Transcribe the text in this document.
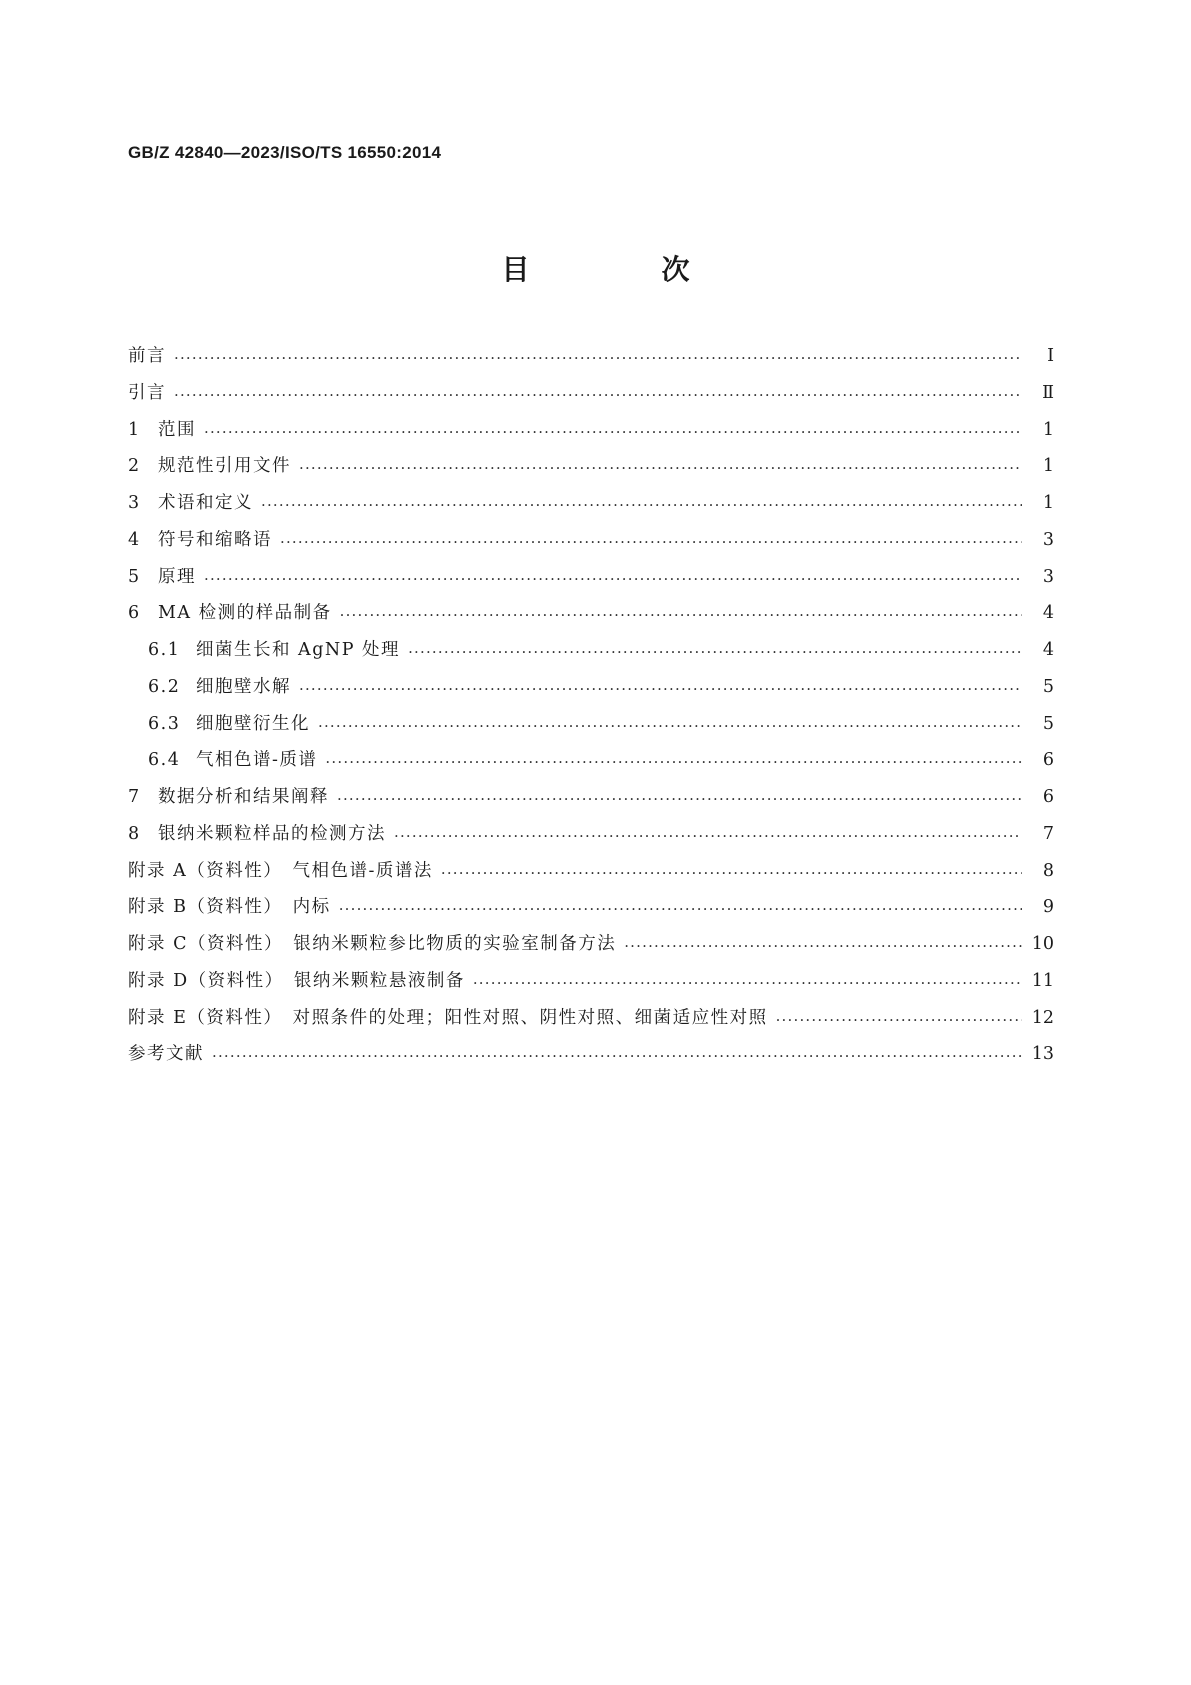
GB/Z 42840—2023/ISO/TS 16550:2014
目　次
前言 ·····	Ⅰ
引言 ·····	Ⅱ
1 范围 ·····	1
2 规范性引用文件 ·····	1
3 术语和定义 ·····	1
4 符号和缩略语 ·····	3
5 原理 ·····	3
6 MA 检测的样品制备 ·····	4
6.1 细菌生长和 AgNP 处理 ·····	4
6.2 细胞壁水解 ·····	5
6.3 细胞壁衍生化 ·····	5
6.4 气相色谱-质谱 ·····	6
7 数据分析和结果阐释 ·····	6
8 银纳米颗粒样品的检测方法 ·····	7
附录 A（资料性）　气相色谱-质谱法 ·····	8
附录 B（资料性）　内标 ·····	9
附录 C（资料性）　银纳米颗粒参比物质的实验室制备方法 ·····	10
附录 D（资料性）　银纳米颗粒悬液制备 ·····	11
附录 E（资料性）　对照条件的处理；阳性对照、阴性对照、细菌适应性对照 ·····	12
参考文献 ·····	13
